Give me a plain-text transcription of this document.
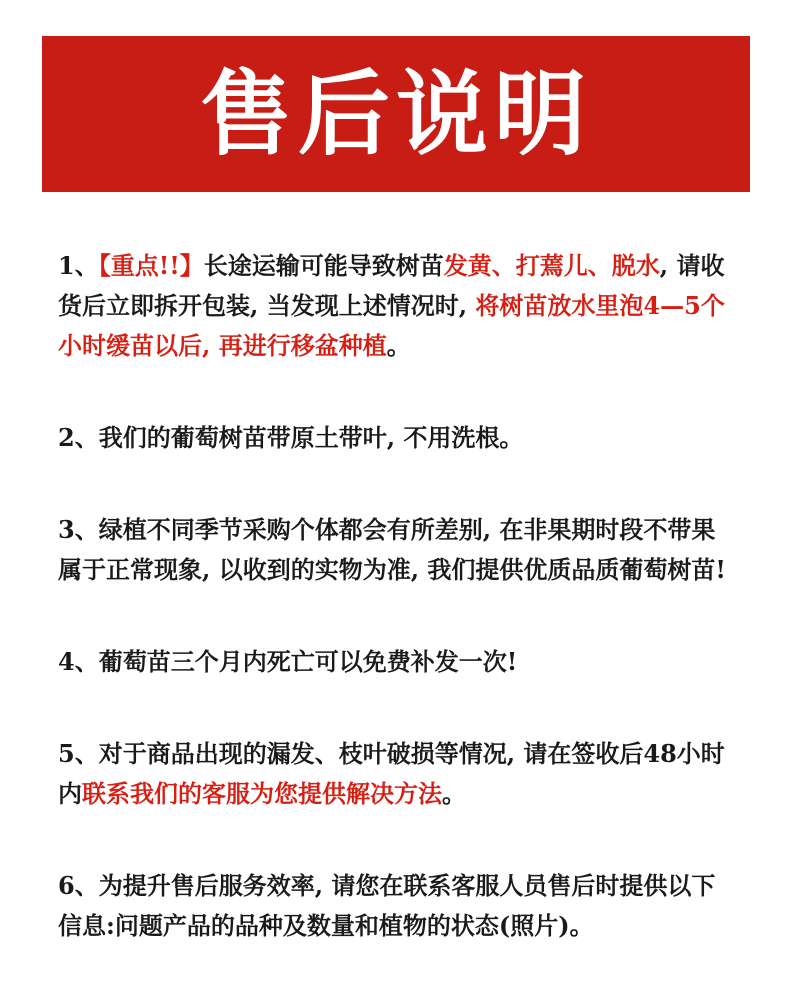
售后说明

1、【重点!!】长途运输可能导致树苗发黄、打蔫儿、脱水, 请收货后立即拆开包装, 当发现上述情况时, 将树苗放水里泡4—5个小时缓苗以后, 再进行移盆种植。

2、我们的葡萄树苗带原土带叶, 不用洗根。

3、绿植不同季节采购个体都会有所差别, 在非果期时段不带果属于正常现象, 以收到的实物为准, 我们提供优质品质葡萄树苗!

4、葡萄苗三个月内死亡可以免费补发一次!

5、对于商品出现的漏发、枝叶破损等情况, 请在签收后48小时内联系我们的客服为您提供解决方法。

6、为提升售后服务效率, 请您在联系客服人员售后时提供以下信息:问题产品的品种及数量和植物的状态(照片)。
